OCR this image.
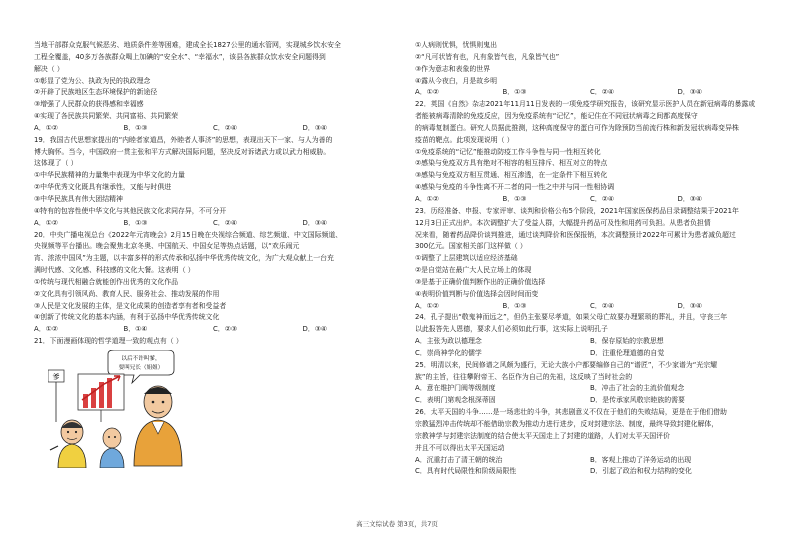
当地干部群众克服气候恶劣、地质条件差等困难，建成全长1827公里的通水管网，实现城乡饮水安全
工程全覆盖，40多万各族群众喝上加碘的“安全水”、“幸福水”，该县各族群众饮水安全问题得到
解决（ ）
①彰显了党为公、执政为民的执政理念
②开辟了民族地区生态环境保护的新途径
③增强了人民群众的获得感和幸福感
④实现了各民族共同繁荣、共同富裕、共同繁荣
A．①②	B．①③	C．②④	D．③④
19．我国古代思想家提出的“内睦者家道昌，外睦者人事济”的思想，表现出天下一家、与人为善的
博大胸怀。当今，中国政府一贯主张和平方式解决国际问题，坚决反对诉诸武力或以武力相威胁。
这体现了（ ）
①中华民族精神的力量集中表现为中华文化的力量
②中华优秀文化既具有继承性，又能与时俱进
③中华民族具有伟大团结精神
④特有的包容性使中华文化与其他民族文化求同存异，不可分开
A．①②	B．①③	C．②④	D．③④
20．中央广播电视总台《2022年元宵晚会》2月15日晚在央视综合频道、综艺频道、中文国际频道、
央视频等平台播出。晚会聚焦北京冬奥、中国航天、中国女足等热点话题，以“欢乐闹元
宵、浓浓中国风”为主题，以丰富多样的形式传承和弘扬中华优秀传统文化，为广大观众献上一台充
满时代感、文化感、科技感的文化大餐。这表明（ ）
①传统与现代相融合就能创作出优秀的文化作品
②文化具有引领风尚、教育人民、服务社会、推动发展的作用
③人民是文化发展的主体，是文化成果的创造者享有者和受益者
④创新了传统文化的基本内涵，有利于弘扬中华优秀传统文化
A．①②	B．①④	C．②③	D．③④
21．下面漫画体现的哲学道理一致的观点有（ ）
以后不许叫爹，
要叫兄长（姐姐）
爹
①人病则忧惧，忧惧则鬼出
②“凡可状皆有也，凡有象皆气也，凡象皆气也”
③作为意志和表象的世界
④露从今夜白，月是故乡明
A．①②	B．①③	C．②④	D．③④
22．英国《自然》杂志2021年11月11日发表的一项免疫学研究报告，该研究显示医护人员在新冠病毒的暴露或
者能被病毒清除的免疫反应，因为免疫系统有“记忆”，能记住在不同冠状病毒之间都高度保守
的病毒复制蛋白。研究人员据此推测，这种高度保守的蛋白可作为除预防当前流行株和新发冠状病毒变异株
疫苗的靶点。此项发现说明（ ）
①免疫系统的“记忆”能推动防疫工作斗争性与同一性相互转化
②感染与免疫双方具有绝对不相容的相互排斥、相互对立的特点
③感染与免疫双方相互贯通、相互渗透，在一定条件下相互转化
④感染与免疫的斗争性离不开二者的同一性之中并与同一性相协调
A．①②	B．①③	C．②④	D．③④
23．历经准备、申报、专家评审、谈判和价格公布5个阶段，2021年国家医保药品目录调整结果于2021年
12月3日正式出炉。本次调整扩大了受益人群，大幅提升药品可及性和用药可负担。从患者负担情
况来看，随着药品降价谈判推进，通过谈判降价和医保报销，本次调整预计2022年可累计为患者减负超过
300亿元。国家相关部门这样做（ ）
①调整了上层建筑以适应经济基础
②是自觉站在最广大人民立场上的体现
③是基于正确价值判断作出的正确价值选择
④表明价值判断与价值选择会因时间而变
A．①②	B．①③	C．②④	D．③④
24．孔子提出“敬鬼神而远之”，但仍主张要尽孝道，如果父母亡故要办理繁琐的葬礼，并且，守丧三年
以此报答先人恩德，要求人们必须如此行事，这实际上说明孔子
A．主张为政以德理念	B．保存原始的宗教思想
C．崇尚神学化的儒学	D．注重伦理道德的自觉
25．明清以来，民间修谱之风颇为盛行，无论大族小户都要编修自己的“谱匠”，不少家谱为“光宗耀
族”的主旨，往往攀附帝王、名臣作为自己的先祖，这反映了当时社会的
A．意在维护门阀等级制度	B．冲击了社会的主流价值观念
C．表明门第观念根深蒂固	D．是传承家风敬宗睦族的需要
26．太平天国的斗争……是一场悲壮的斗争，其悲剧意义不仅在于他们的失败结局，更是在于他们借助
宗教猛烈冲击传统却不能借助宗教为推动力进行进步，反对封建宗法、制度，最终导致封建化解体，
宗教神学与封建宗法制度的结合使太平天国走上了封建的道路，人们对太平天国评价
并且不可以得出太平天国运动
A．沉重打击了清王朝的统治	B．客观上推动了洋务运动的出现
C．具有时代局限性和阶级局限性	D．引起了政治和权力结构的变化
高三文综试卷 第3页，共7页
